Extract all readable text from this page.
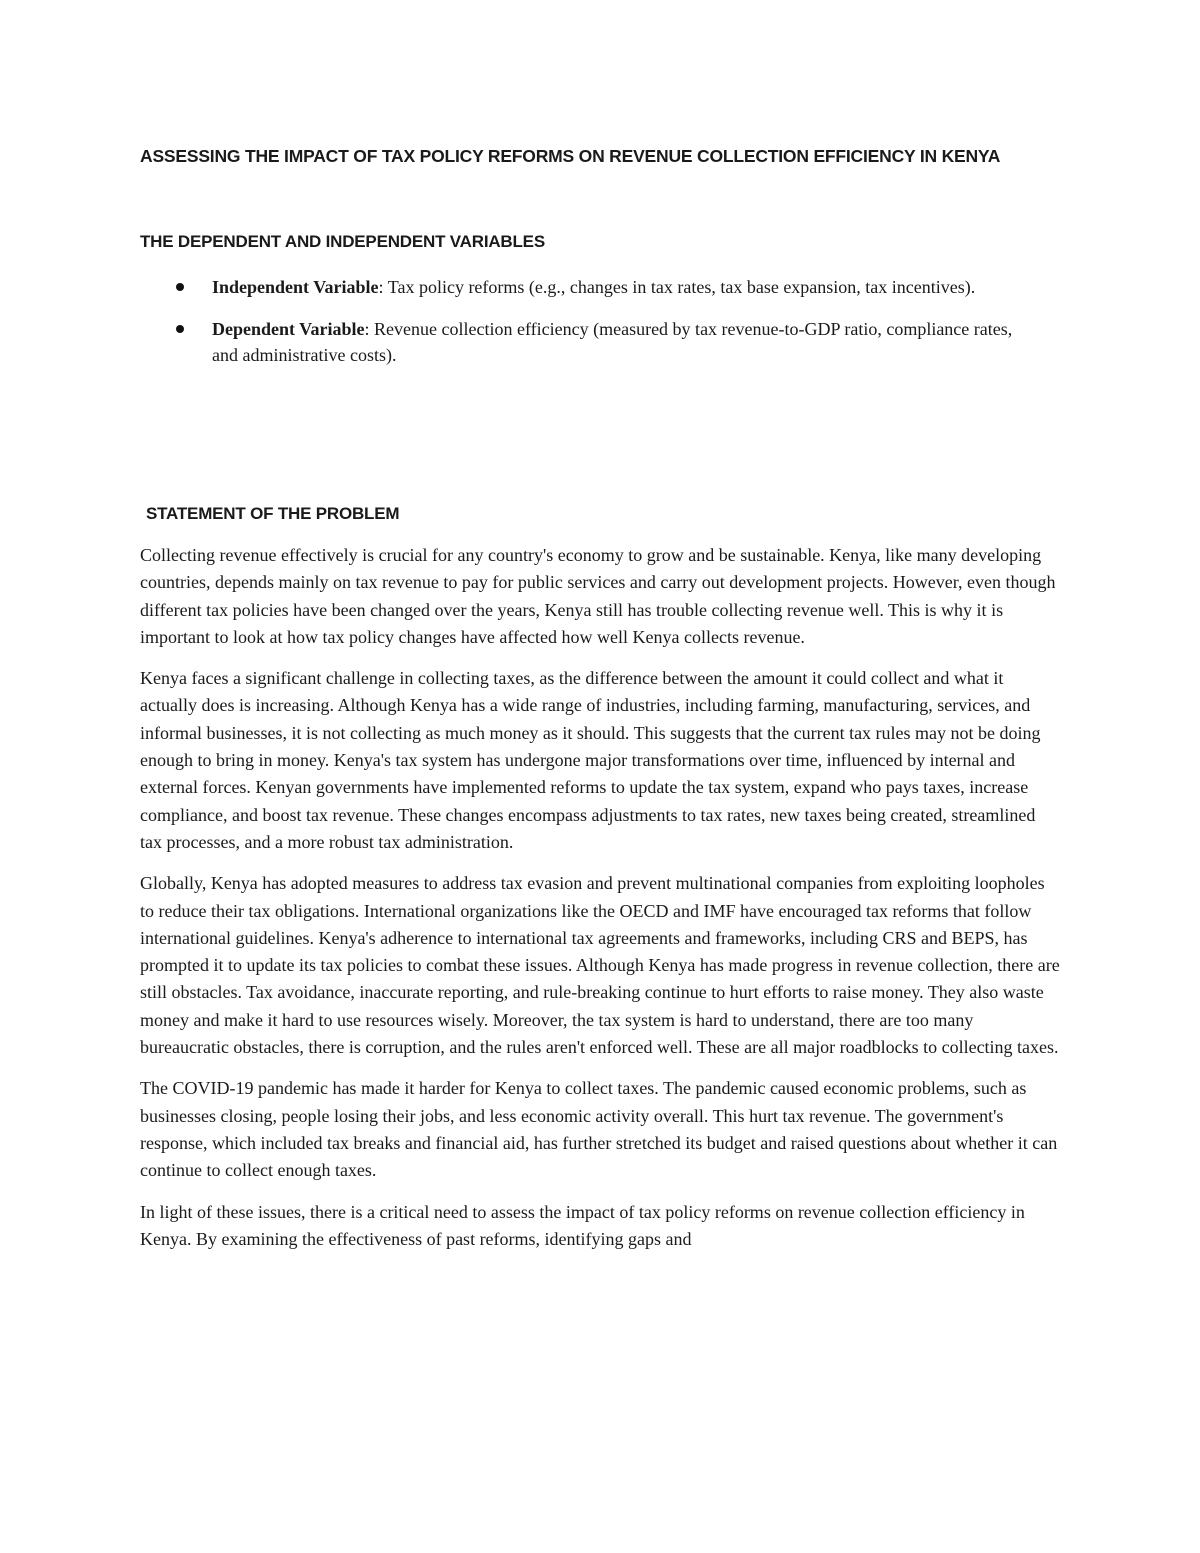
ASSESSING THE IMPACT OF TAX POLICY REFORMS ON REVENUE COLLECTION EFFICIENCY IN KENYA
THE DEPENDENT AND INDEPENDENT VARIABLES
Independent Variable: Tax policy reforms (e.g., changes in tax rates, tax base expansion, tax incentives).
Dependent Variable: Revenue collection efficiency (measured by tax revenue-to-GDP ratio, compliance rates, and administrative costs).
STATEMENT OF THE PROBLEM

Collecting revenue effectively is crucial for any country's economy to grow and be sustainable. Kenya, like many developing countries, depends mainly on tax revenue to pay for public services and carry out development projects. However, even though different tax policies have been changed over the years, Kenya still has trouble collecting revenue well. This is why it is important to look at how tax policy changes have affected how well Kenya collects revenue.

Kenya faces a significant challenge in collecting taxes, as the difference between the amount it could collect and what it actually does is increasing. Although Kenya has a wide range of industries, including farming, manufacturing, services, and informal businesses, it is not collecting as much money as it should. This suggests that the current tax rules may not be doing enough to bring in money. Kenya's tax system has undergone major transformations over time, influenced by internal and external forces. Kenyan governments have implemented reforms to update the tax system, expand who pays taxes, increase compliance, and boost tax revenue. These changes encompass adjustments to tax rates, new taxes being created, streamlined tax processes, and a more robust tax administration.

Globally, Kenya has adopted measures to address tax evasion and prevent multinational companies from exploiting loopholes to reduce their tax obligations. International organizations like the OECD and IMF have encouraged tax reforms that follow international guidelines. Kenya's adherence to international tax agreements and frameworks, including CRS and BEPS, has prompted it to update its tax policies to combat these issues. Although Kenya has made progress in revenue collection, there are still obstacles. Tax avoidance, inaccurate reporting, and rule-breaking continue to hurt efforts to raise money. They also waste money and make it hard to use resources wisely. Moreover, the tax system is hard to understand, there are too many bureaucratic obstacles, there is corruption, and the rules aren't enforced well. These are all major roadblocks to collecting taxes.

The COVID-19 pandemic has made it harder for Kenya to collect taxes. The pandemic caused economic problems, such as businesses closing, people losing their jobs, and less economic activity overall. This hurt tax revenue. The government's response, which included tax breaks and financial aid, has further stretched its budget and raised questions about whether it can continue to collect enough taxes.

In light of these issues, there is a critical need to assess the impact of tax policy reforms on revenue collection efficiency in Kenya. By examining the effectiveness of past reforms, identifying gaps and
